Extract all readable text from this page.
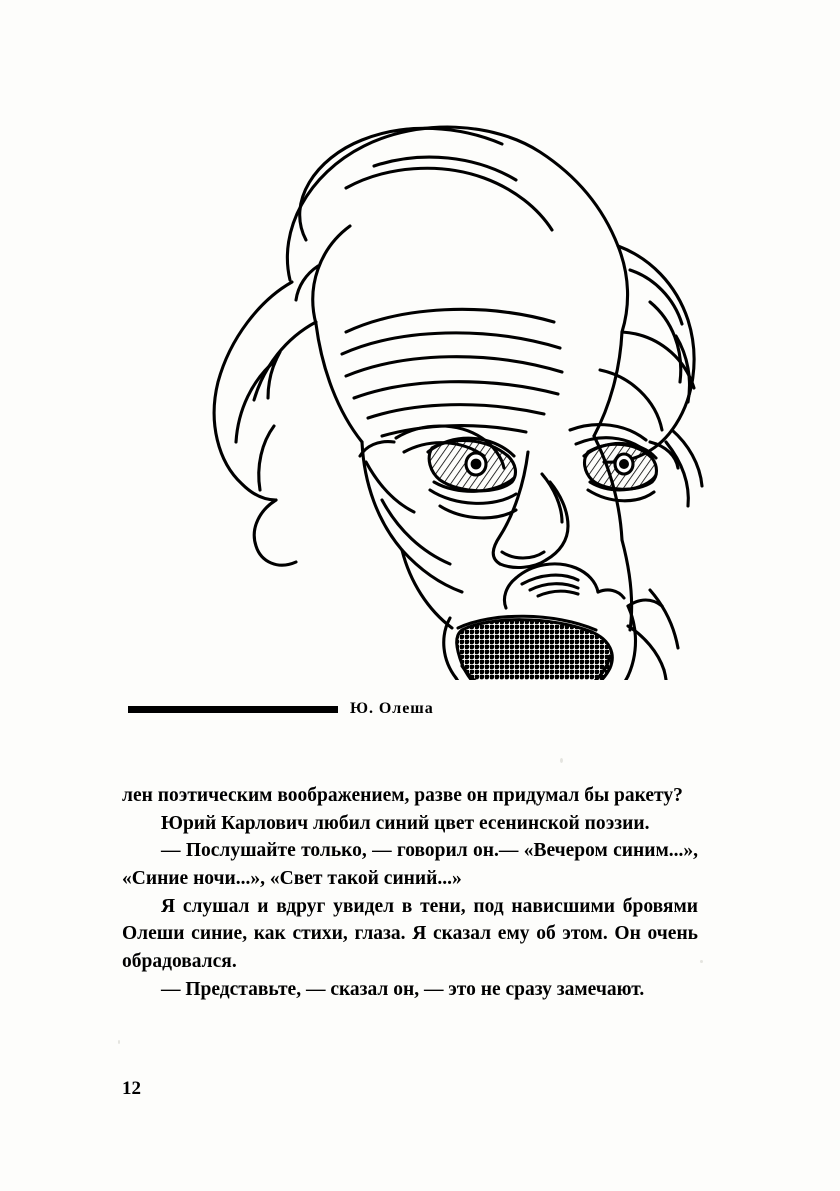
Ю. Олеша

лен поэтическим воображением, разве он придумал бы ракету?

Юрий Карлович любил синий цвет есенинской поэзии.

— Послушайте только, — говорил он.— «Вечером синим...», «Синие ночи...», «Свет такой синий...»

Я слушал и вдруг увидел в тени, под нависшими бровями Олеши синие, как стихи, глаза. Я сказал ему об этом. Он очень обрадовался.

— Представьте, — сказал он, — это не сразу замечают.

12
